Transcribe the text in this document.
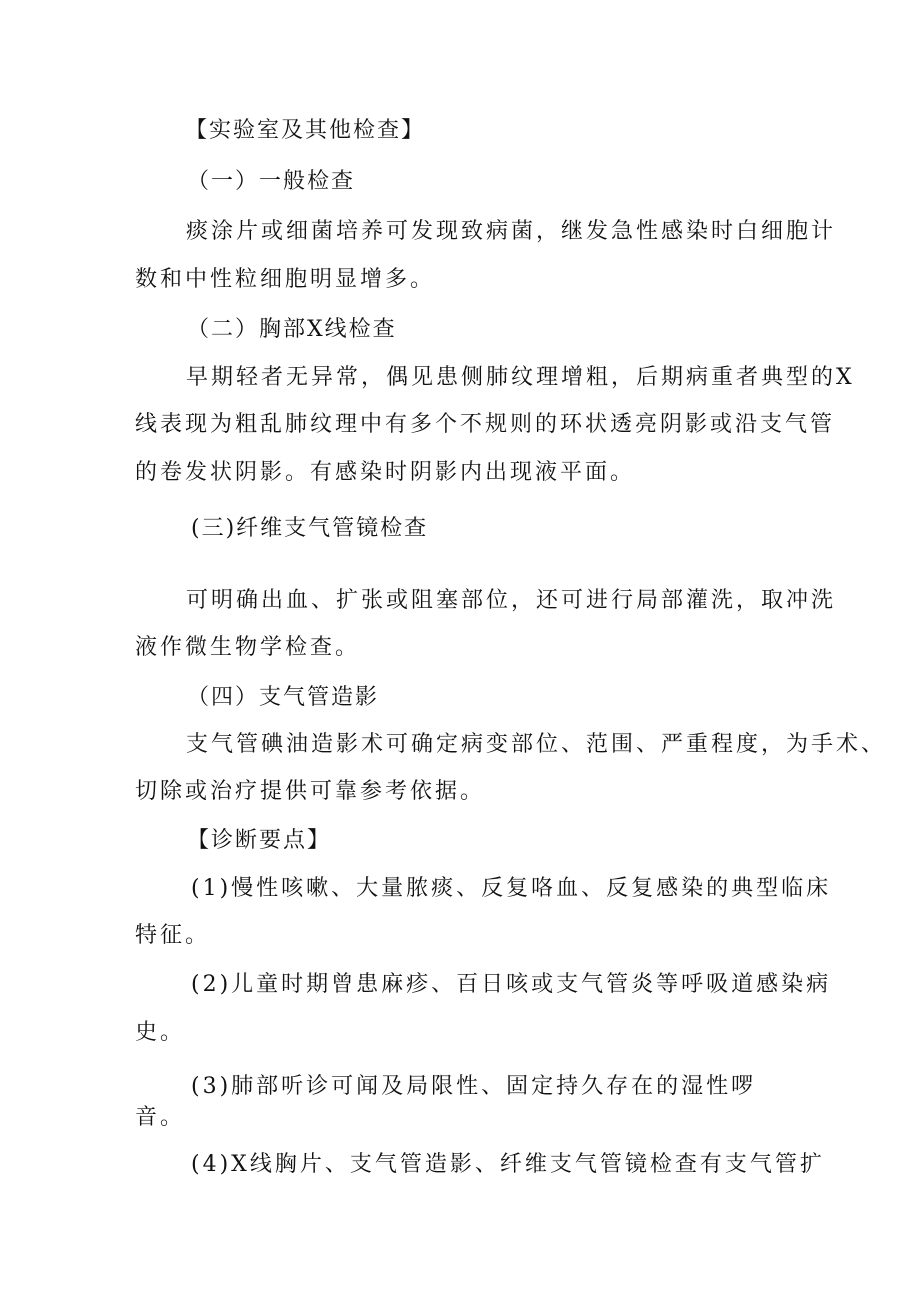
【实验室及其他检查】
（一）一般检查
痰涂片或细菌培养可发现致病菌，继发急性感染时白细胞计
数和中性粒细胞明显增多。
（二）胸部X线检查
早期轻者无异常，偶见患侧肺纹理增粗，后期病重者典型的X
线表现为粗乱肺纹理中有多个不规则的环状透亮阴影或沿支气管
的卷发状阴影。有感染时阴影内出现液平面。
(三)纤维支气管镜检查
可明确出血、扩张或阻塞部位，还可进行局部灌洗，取冲洗
液作微生物学检查。
（四）支气管造影
支气管碘油造影术可确定病变部位、范围、严重程度，为手术、
切除或治疗提供可靠参考依据。
【诊断要点】
(1)慢性咳嗽、大量脓痰、反复咯血、反复感染的典型临床
特征。
(2)儿童时期曾患麻疹、百日咳或支气管炎等呼吸道感染病
史。
(3)肺部听诊可闻及局限性、固定持久存在的湿性啰
音。
(4)X线胸片、支气管造影、纤维支气管镜检查有支气管扩
